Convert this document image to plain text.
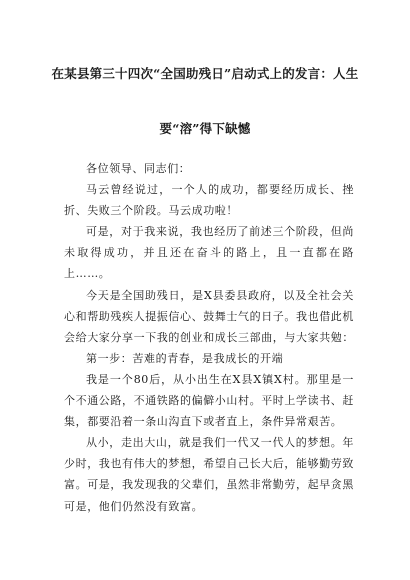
在某县第三十四次“全国助残日”启动式上的发言：人生
要“溶”得下缺憾

各位领导、同志们：

马云曾经说过，一个人的成功，都要经历成长、挫折、失败三个阶段。马云成功啦！

可是，对于我来说，我也经历了前述三个阶段，但尚未取得成功，并且还在奋斗的路上，且一直都在路上……。

今天是全国助残日，是X县委县政府，以及全社会关心和帮助残疾人提振信心、鼓舞士气的日子。我也借此机会给大家分享一下我的创业和成长三部曲，与大家共勉：

第一步：苦难的青春，是我成长的开端

我是一个80后，从小出生在X县X镇X村。那里是一个不通公路，不通铁路的偏僻小山村。平时上学读书、赶集，都要沿着一条山沟直下或者直上，条件异常艰苦。

从小，走出大山，就是我们一代又一代人的梦想。年少时，我也有伟大的梦想，希望自己长大后，能够勤劳致富。可是，我发现我的父辈们，虽然非常勤劳，起早贪黑可是，他们仍然没有致富。
